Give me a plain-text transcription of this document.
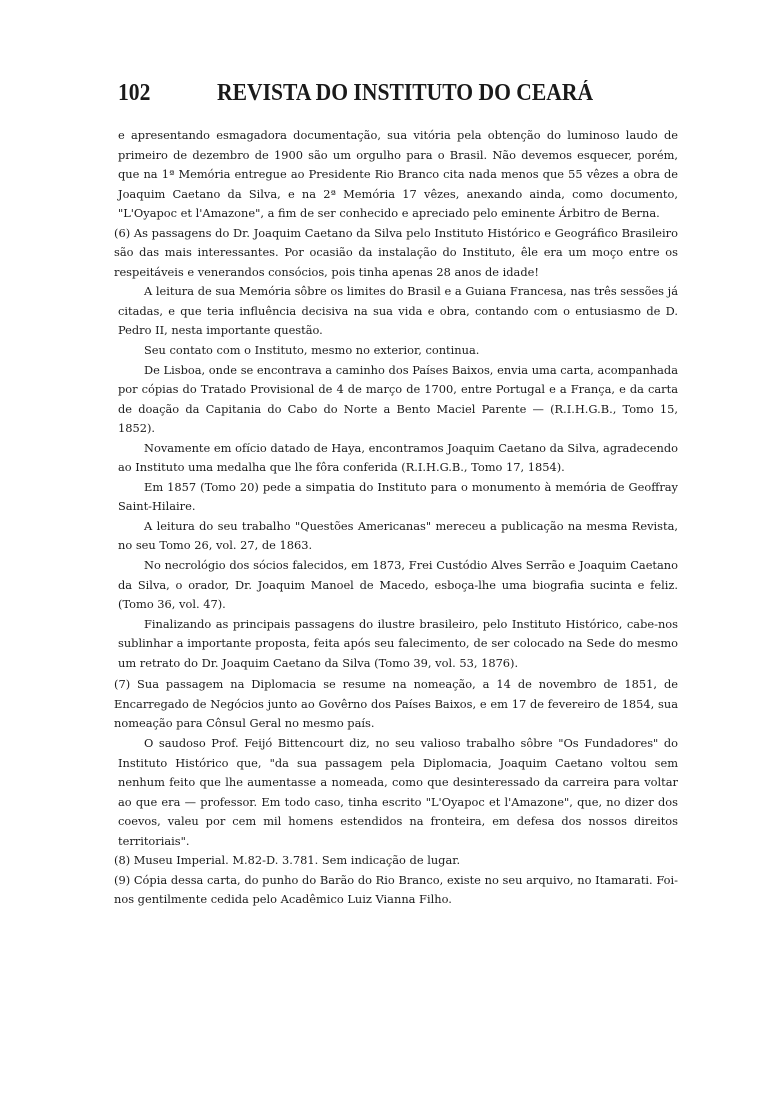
102	REVISTA DO INSTITUTO DO CEARÁ

e apresentando esmagadora documentação, sua vitória pela obtenção do luminoso laudo de primeiro de dezembro de 1900 são um orgulho para o Brasil. Não devemos esquecer, porém, que na 1ª Memória entregue ao Presidente Rio Branco cita nada menos que 55 vêzes a obra de Joaquim Caetano da Silva, e na 2ª Memória 17 vêzes, anexando ainda, como documento, "L'Oyapoc et l'Amazone", a fim de ser conhecido e apreciado pelo eminente Árbitro de Berna.

(6) As passagens do Dr. Joaquim Caetano da Silva pelo Instituto Histórico e Geográfico Brasileiro são das mais interessantes. Por ocasião da instalação do Instituto, êle era um moço entre os respeitáveis e venerandos consócios, pois tinha apenas 28 anos de idade!

A leitura de sua Memória sôbre os limites do Brasil e a Guiana Francesa, nas três sessões já citadas, e que teria influência decisiva na sua vida e obra, contando com o entusiasmo de D. Pedro II, nesta importante questão.

Seu contato com o Instituto, mesmo no exterior, continua.

De Lisboa, onde se encontrava a caminho dos Países Baixos, envia uma carta, acompanhada por cópias do Tratado Provisional de 4 de março de 1700, entre Portugal e a França, e da carta de doação da Capitania do Cabo do Norte a Bento Maciel Parente — (R.I.H.G.B., Tomo 15, 1852).

Novamente em ofício datado de Haya, encontramos Joaquim Caetano da Silva, agradecendo ao Instituto uma medalha que lhe fôra conferida (R.I.H.G.B., Tomo 17, 1854).

Em 1857 (Tomo 20) pede a simpatia do Instituto para o monumento à memória de Geoffray Saint-Hilaire.

A leitura do seu trabalho "Questões Americanas" mereceu a publicação na mesma Revista, no seu Tomo 26, vol. 27, de 1863.

No necrológio dos sócios falecidos, em 1873, Frei Custódio Alves Serrão e Joaquim Caetano da Silva, o orador, Dr. Joaquim Manoel de Macedo, esboça-lhe uma biografia sucinta e feliz. (Tomo 36, vol. 47).

Finalizando as principais passagens do ilustre brasileiro, pelo Instituto Histórico, cabe-nos sublinhar a importante proposta, feita após seu falecimento, de ser colocado na Sede do mesmo um retrato do Dr. Joaquim Caetano da Silva (Tomo 39, vol. 53, 1876).

(7) Sua passagem na Diplomacia se resume na nomeação, a 14 de novembro de 1851, de Encarregado de Negócios junto ao Govêrno dos Países Baixos, e em 17 de fevereiro de 1854, sua nomeação para Cônsul Geral no mesmo país.

O saudoso Prof. Feijó Bittencourt diz, no seu valioso trabalho sôbre "Os Fundadores" do Instituto Histórico que, "da sua passagem pela Diplomacia, Joaquim Caetano voltou sem nenhum feito que lhe aumentasse a nomeada, como que desinteressado da carreira para voltar ao que era — professor. Em todo caso, tinha escrito "L'Oyapoc et l'Amazone", que, no dizer dos coevos, valeu por cem mil homens estendidos na fronteira, em defesa dos nossos direitos territoriais".

(8) Museu Imperial. M.82-D. 3.781. Sem indicação de lugar.

(9) Cópia dessa carta, do punho do Barão do Rio Branco, existe no seu arquivo, no Itamarati. Foi-nos gentilmente cedida pelo Acadêmico Luiz Vianna Filho.
